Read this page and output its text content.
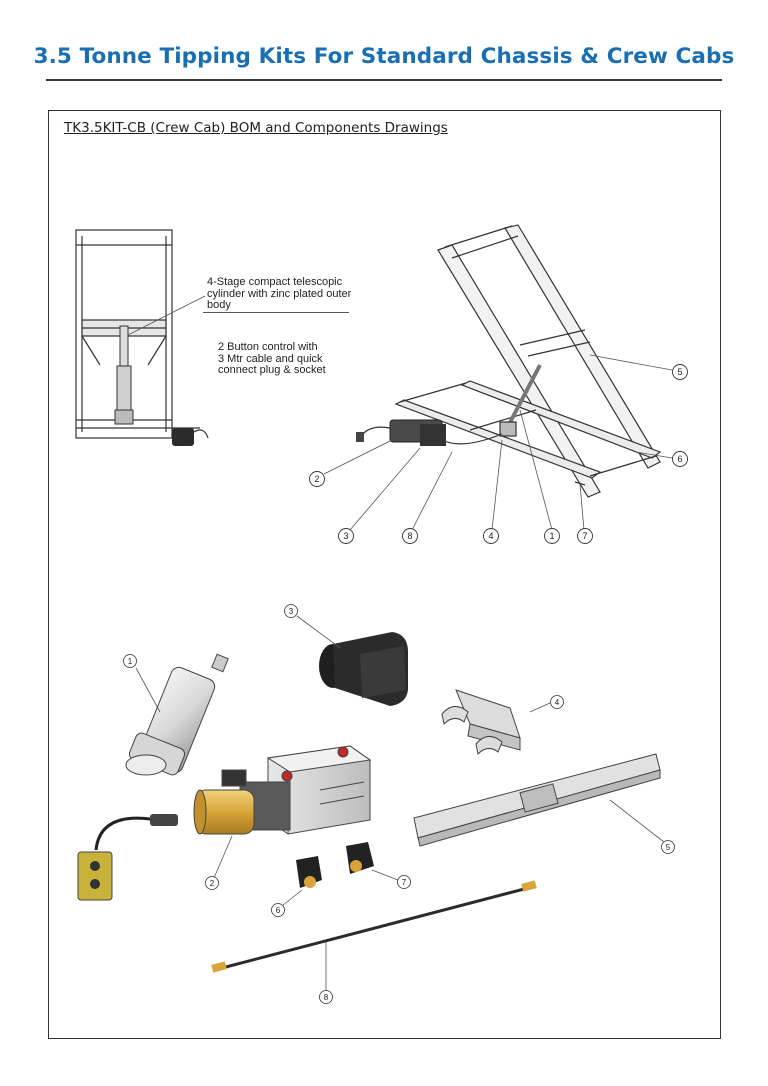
3.5 Tonne Tipping Kits For Standard Chassis & Crew Cabs
TK3.5KIT-CB (Crew Cab) BOM and Components Drawings
4-Stage compact telescopic
cylinder with zinc plated outer
body
2 Button control with
3 Mtr cable and quick
connect plug & socket
2
3	8	4	1	7
5
6
1
2
3
4
5
6
7
8
